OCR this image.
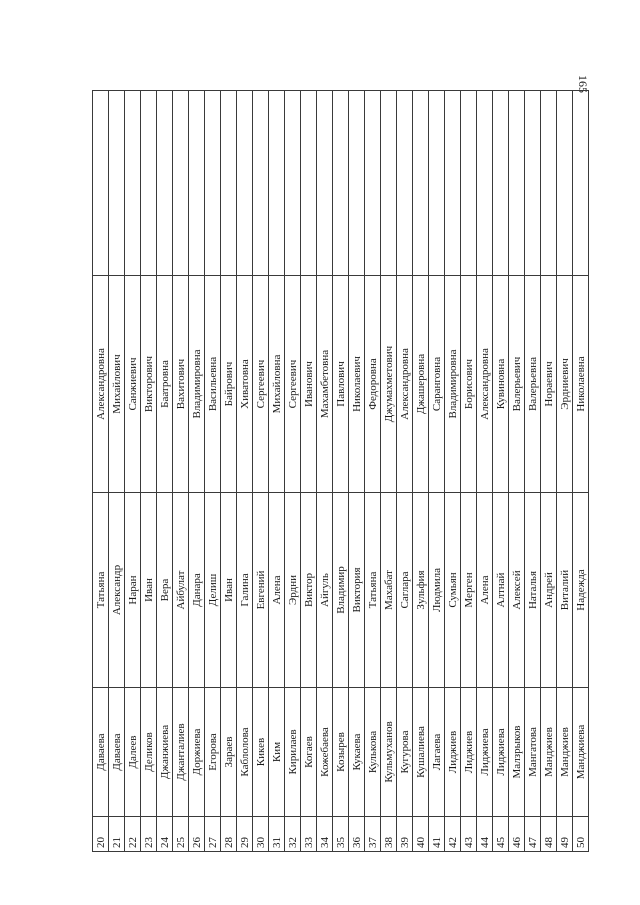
165
20	Даваева	Татьяна	Александровна	
21	Даваева	Александр	Михайлович	
22	Далеев	Наран	Санжиевич	
23	Деликов	Иван	Викторович	
24	Джанжиева	Вера	Баатровна	
25	Джанталиев	Айбулат	Вахитович	
26	Доржиева	Данара	Владимировна	
27	Егорова	Делиш	Васильевна	
28	Зараев	Иван	Байрович	
29	Каблолова	Галина	Хиватовна	
30	Кикев	Евгений	Сергеевич	
31	Ким	Алена	Михайловна	
32	Кирилаев	Эрдни	Сергеевич	
33	Когаев	Виктор	Иванович	
34	Кожебаева	Айгуль	Махамбетовна	
35	Козырев	Владимир	Павлович	
36	Кукаева	Виктория	Николаевич	
37	Кулькова	Татьяна	Федоровна	
38	Кульмуханов	Махабат	Джумахметович	
39	Кугурова	Саглара	Александровна	
40	Кушалиева	Зульфия	Джашеровна	
41	Лагаева	Людмила	Саранговна	
42	Лиджиев	Сумьян	Владимировна	
43	Лиджиев	Мерген	Борисович	
44	Лиджиева	Алена	Александровна	
45	Лиджиева	Алтнай	Кувиновна	
46	Малзрыков	Алексей	Валерьевич	
47	Мангатова	Наталья	Валерьевна	
48	Манджиев	Андрей	Нораевич	
49	Манджиев	Виталий	Эрдниевич	
50	Манджиева	Надежда	Николаевна	
